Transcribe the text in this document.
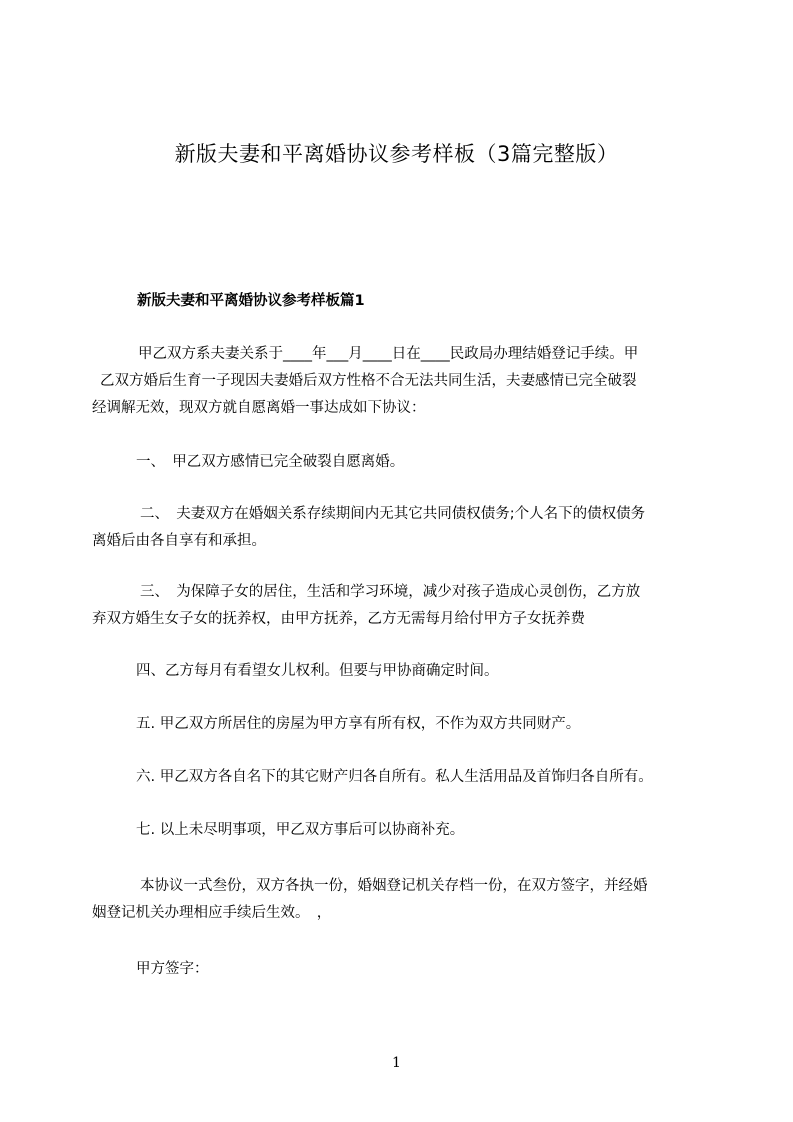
新版夫妻和平离婚协议参考样板（3篇完整版）
新版夫妻和平离婚协议参考样板篇1
甲乙双方系夫妻关系于____年___月____日在____民政局办理结婚登记手续。甲
乙双方婚后生育一子现因夫妻婚后双方性格不合无法共同生活，夫妻感情已完全破裂
经调解无效，现双方就自愿离婚一事达成如下协议：
一、　甲乙双方感情已完全破裂自愿离婚。
二、　夫妻双方在婚姻关系存续期间内无其它共同债权债务;个人名下的债权债务
离婚后由各自享有和承担。
三、　为保障子女的居住，生活和学习环境，减少对孩子造成心灵创伤，乙方放
弃双方婚生女子女的抚养权，由甲方抚养，乙方无需每月给付甲方子女抚养费
四、乙方每月有看望女儿权利。但要与甲协商确定时间。
五. 甲乙双方所居住的房屋为甲方享有所有权，不作为双方共同财产。
六. 甲乙双方各自名下的其它财产归各自所有。私人生活用品及首饰归各自所有。
七. 以上未尽明事项，甲乙双方事后可以协商补充。
本协议一式叁份，双方各执一份，婚姻登记机关存档一份，在双方签字，并经婚
姻登记机关办理相应手续后生效。　，
甲方签字：
1
